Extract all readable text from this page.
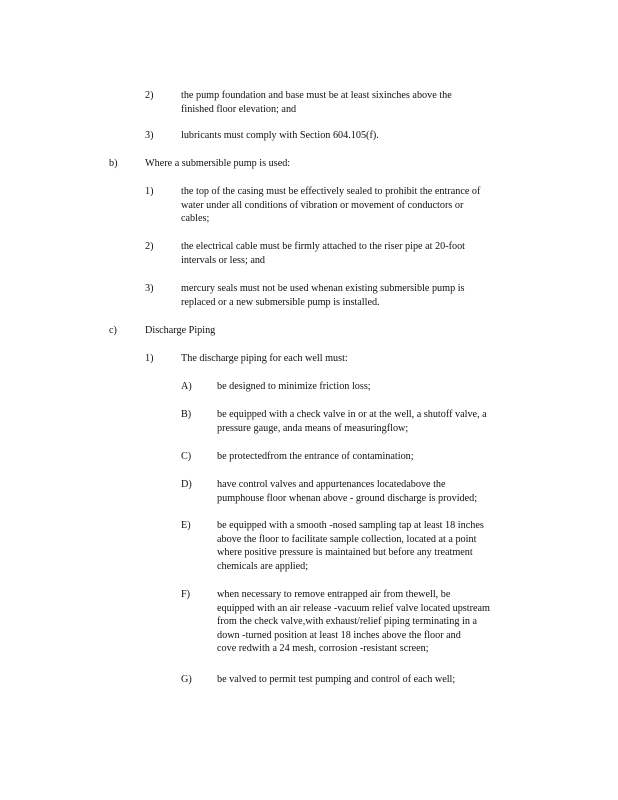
2)	the pump foundation and base must be at least sixinches above the
finished floor elevation; and
3)	lubricants must comply with Section 604.105(f).
b)	Where a submersible pump is used:
1)	the top of the casing must be effectively sealed to prohibit the entrance of
water under all conditions of vibration or movement of conductors or
cables;
2)	the electrical cable must be firmly attached to the riser pipe at 20-foot
intervals or less; and
3)	mercury seals must not be used whenan existing submersible pump is
replaced or a new submersible pump is installed.
c)	Discharge Piping
1)	The discharge piping for each well must:
A) be designed to minimize friction loss;
B)	be equipped with a check valve in or at the well, a shutoff valve, a
pressure gauge, anda means of measuringflow;
C)	be protectedfrom the entrance of contamination;
D) have control valves and appurtenances locatedabove the
pumphouse floor whenan above - ground discharge is provided;
E)	be equipped with a smooth -nosed sampling tap at least 18 inches
above the floor to facilitate sample collection, located at a point
where positive pressure is maintained but before any treatment
chemicals are applied;
F)	when necessary to remove entrapped air from thewell, be
equipped with an air release -vacuum relief valve located upstream
from the check valve,with exhaust/relief piping terminating in a
down -turned position at least 18 inches above the floor and
cove redwith a 24 mesh, corrosion -resistant screen;
G) be valved to permit test pumping and control of each well;
